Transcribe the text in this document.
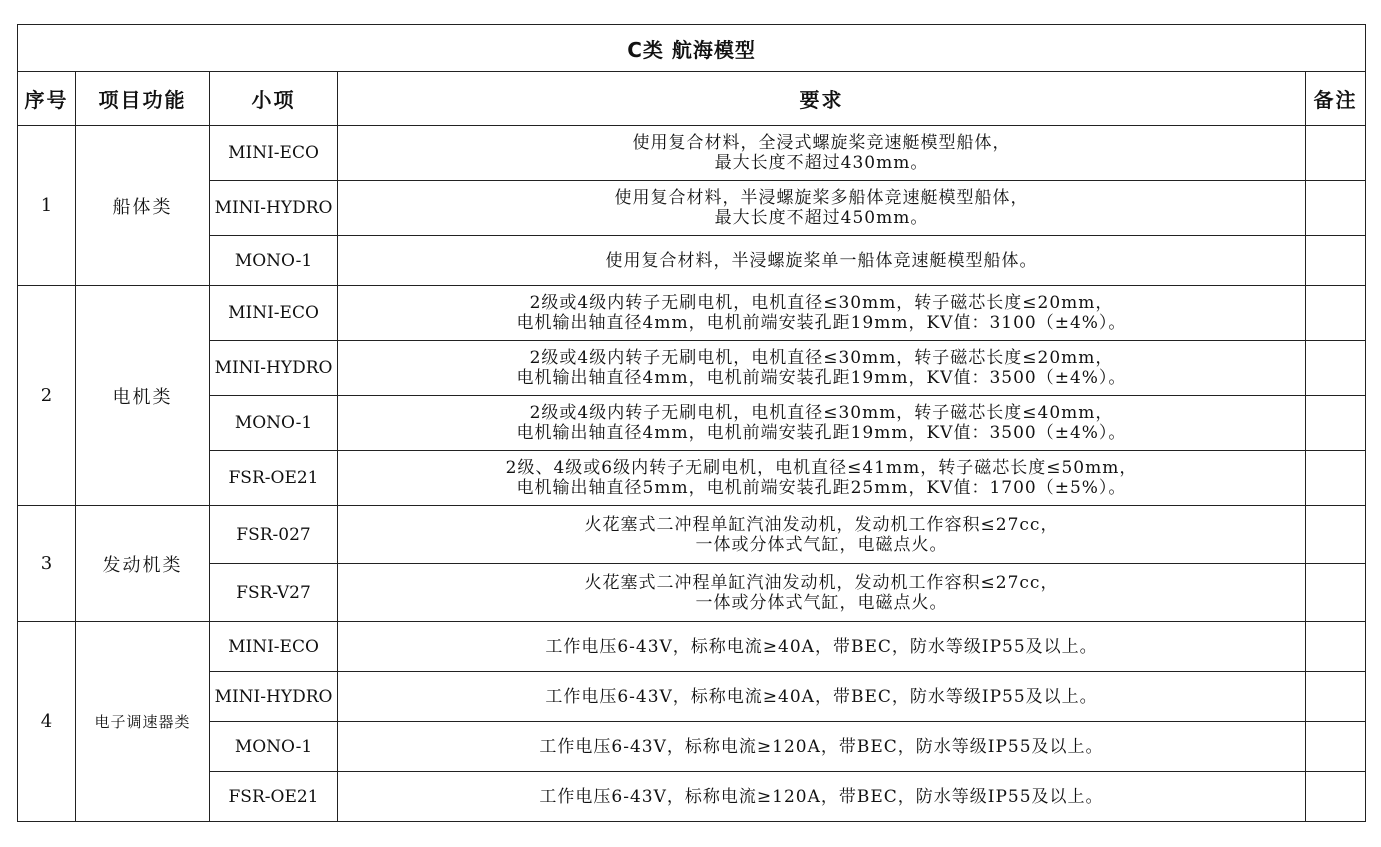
C类 航海模型				
序号	项目功能	小项	要求	备注
1	船体类	MINI-ECO	使用复合材料，全浸式螺旋桨竞速艇模型船体，
最大长度不超过430mm。	

		MINI-HYDRO	使用复合材料，半浸螺旋桨多船体竞速艇模型船体，
最大长度不超过450mm。	

		MONO-1	使用复合材料，半浸螺旋桨单一船体竞速艇模型船体。	

2	电机类	MINI-ECO	2级或4级内转子无刷电机，电机直径≤30mm，转子磁芯长度≤20mm，
电机输出轴直径4mm，电机前端安装孔距19mm，KV值：3100（±4%）。	

		MINI-HYDRO	2级或4级内转子无刷电机，电机直径≤30mm，转子磁芯长度≤20mm，
电机输出轴直径4mm，电机前端安装孔距19mm，KV值：3500（±4%）。	

		MONO-1	2级或4级内转子无刷电机，电机直径≤30mm，转子磁芯长度≤40mm，
电机输出轴直径4mm，电机前端安装孔距19mm，KV值：3500（±4%）。	

		FSR-OE21	2级、4级或6级内转子无刷电机，电机直径≤41mm，转子磁芯长度≤50mm，
电机输出轴直径5mm，电机前端安装孔距25mm，KV值：1700（±5%）。	

3	发动机类	FSR-027	火花塞式二冲程单缸汽油发动机，发动机工作容积≤27cc，
一体或分体式气缸，电磁点火。	

		FSR-V27	火花塞式二冲程单缸汽油发动机，发动机工作容积≤27cc，
一体或分体式气缸，电磁点火。	

4	电子调速器类	MINI-ECO	工作电压6-43V，标称电流≥40A，带BEC，防水等级IP55及以上。	

		MINI-HYDRO	工作电压6-43V，标称电流≥40A，带BEC，防水等级IP55及以上。	

		MONO-1	工作电压6-43V，标称电流≥120A，带BEC，防水等级IP55及以上。	

		FSR-OE21	工作电压6-43V，标称电流≥120A，带BEC，防水等级IP55及以上。	
